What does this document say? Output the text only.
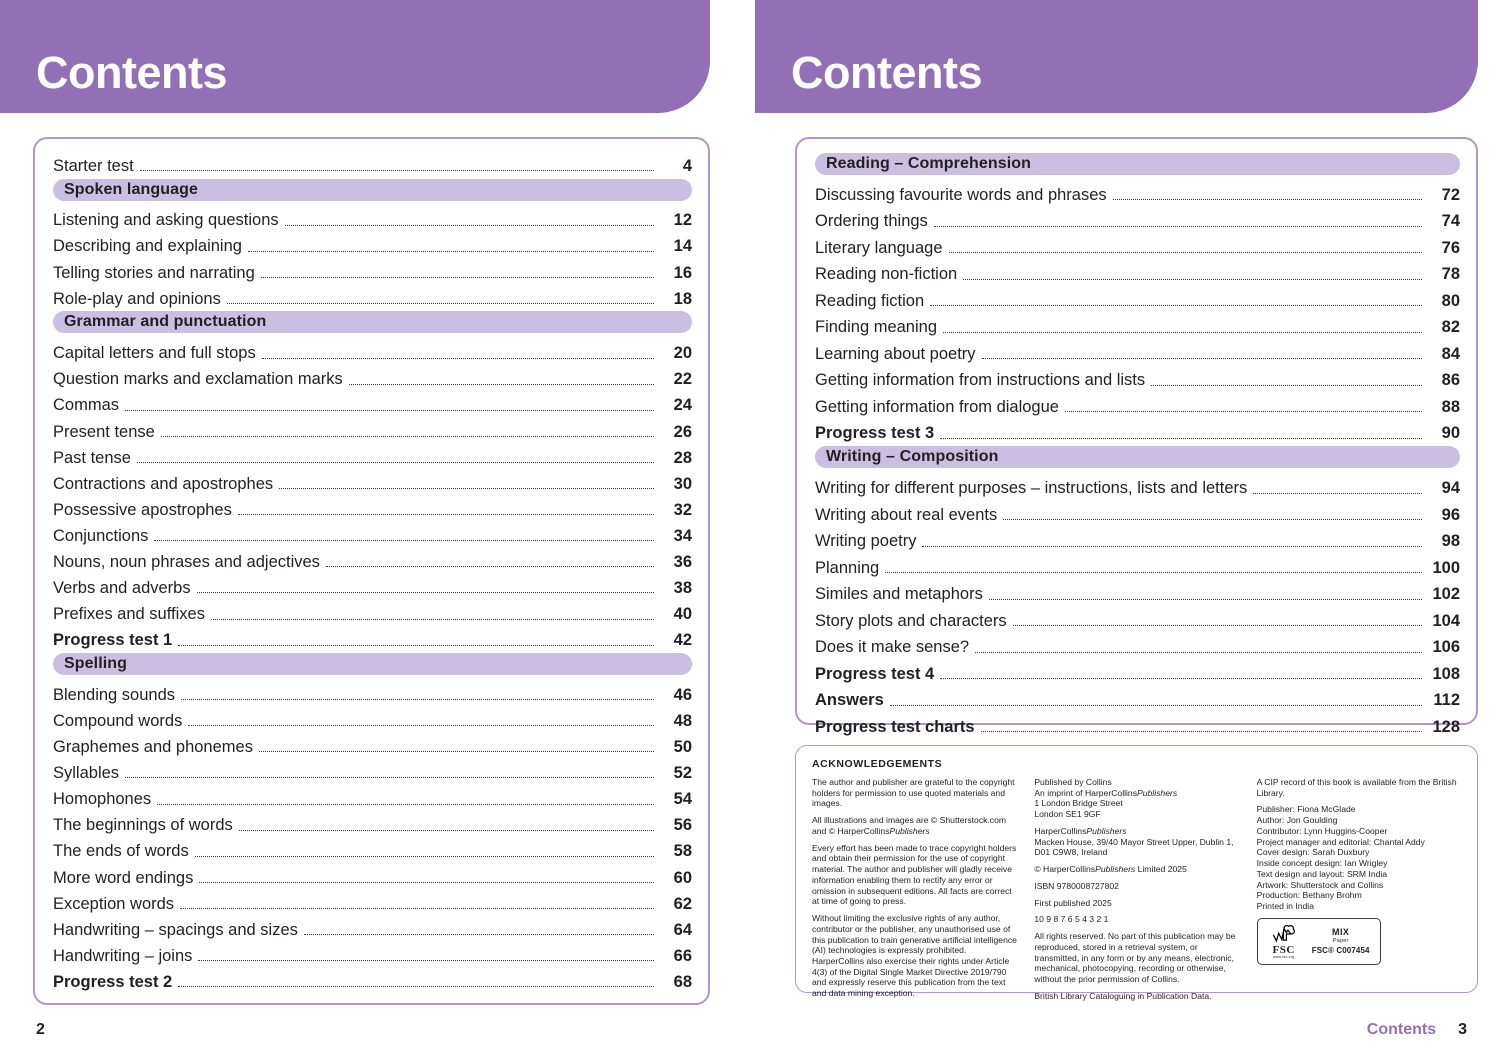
Contents
Starter test	4
Spoken language
Listening and asking questions	12
Describing and explaining	14
Telling stories and narrating	16
Role-play and opinions	18
Grammar and punctuation
Capital letters and full stops	20
Question marks and exclamation marks	22
Commas	24
Present tense	26
Past tense	28
Contractions and apostrophes	30
Possessive apostrophes	32
Conjunctions	34
Nouns, noun phrases and adjectives	36
Verbs and adverbs	38
Prefixes and suffixes	40
Progress test 1	42
Spelling
Blending sounds	46
Compound words	48
Graphemes and phonemes	50
Syllables	52
Homophones	54
The beginnings of words	56
The ends of words	58
More word endings	60
Exception words	62
Handwriting – spacings and sizes	64
Handwriting – joins	66
Progress test 2	68
2
Contents
Reading – Comprehension
Discussing favourite words and phrases	72
Ordering things	74
Literary language	76
Reading non-fiction	78
Reading fiction	80
Finding meaning	82
Learning about poetry	84
Getting information from instructions and lists	86
Getting information from dialogue	88
Progress test 3	90
Writing – Composition
Writing for different purposes – instructions, lists and letters	94
Writing about real events	96
Writing poetry	98
Planning	100
Similes and metaphors	102
Story plots and characters	104
Does it make sense?	106
Progress test 4	108
Answers	112
Progress test charts	128
ACKNOWLEDGEMENTS

The author and publisher are grateful to the copyright holders for permission to use quoted materials and images.

All illustrations and images are © Shutterstock.com and © HarperCollinsPublishers

Every effort has been made to trace copyright holders and obtain their permission for the use of copyright material. The author and publisher will gladly receive information enabling them to rectify any error or omission in subsequent editions. All facts are correct at time of going to press.

Without limiting the exclusive rights of any author, contributor or the publisher, any unauthorised use of this publication to train generative artificial intelligence (AI) technologies is expressly prohibited. HarperCollins also exercise their rights under Article 4(3) of the Digital Single Market Directive 2019/790 and expressly reserve this publication from the text and data mining exception.

Published by Collins
An imprint of HarperCollinsPublishers
1 London Bridge Street
London SE1 9GF

HarperCollinsPublishers
Macken House, 39/40 Mayor Street Upper, Dublin 1, D01 C9W8, Ireland

© HarperCollinsPublishers Limited 2025

ISBN 9780008727802

First published 2025

10 9 8 7 6 5 4 3 2 1

All rights reserved. No part of this publication may be reproduced, stored in a retrieval system, or transmitted, in any form or by any means, electronic, mechanical, photocopying, recording or otherwise, without the prior permission of Collins.

British Library Cataloguing in Publication Data.

A CIP record of this book is available from the British Library.

Publisher: Fiona McGlade
Author: Jon Goulding
Contributor: Lynn Huggins-Cooper
Project manager and editorial: Chantal Addy
Cover design: Sarah Duxbury
Inside concept design: Ian Wrigley
Text design and layout: SRM India
Artwork: Shutterstock and Collins
Production: Bethany Brohm
Printed in India

FSC
www.fsc.org
MIX
Paper
FSC® C007454
Contents 3
